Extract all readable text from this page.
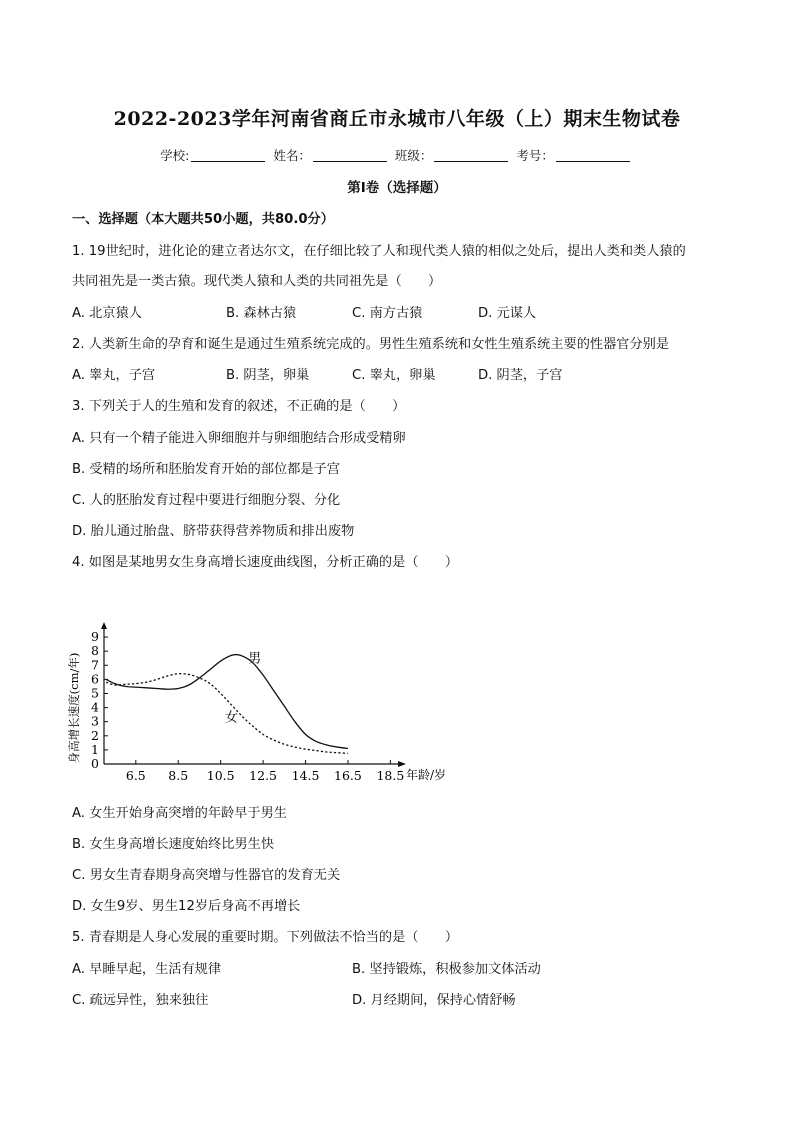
2022-2023学年河南省商丘市永城市八年级（上）期末生物试卷
学校:	姓名：	班级：	考号：
第Ⅰ卷（选择题）
一、选择题（本大题共50小题，共80.0分）
1. 19世纪时，进化论的建立者达尔文，在仔细比较了人和现代类人猿的相似之处后，提出人类和类人猿的
共同祖先是一类古猿。现代类人猿和人类的共同祖先是（　　）
A. 北京猿人	B. 森林古猿	C. 南方古猿	D. 元谋人
2. 人类新生命的孕育和诞生是通过生殖系统完成的。男性生殖系统和女性生殖系统主要的性器官分别是
A. 睾丸，子宫	B. 阴茎，卵巢	C. 睾丸，卵巢	D. 阴茎，子宫
3. 下列关于人的生殖和发育的叙述，不正确的是（　　）
A. 只有一个精子能进入卵细胞并与卵细胞结合形成受精卵
B. 受精的场所和胚胎发育开始的部位都是子宫
C. 人的胚胎发育过程中要进行细胞分裂、分化
D. 胎儿通过胎盘、脐带获得营养物质和排出废物
4. 如图是某地男女生身高增长速度曲线图，分析正确的是（　　）
0
1
2
3
4
5
6
7
8
9
6.5 8.5 10.5 12.5 14.5 16.5 18.5
男
女
身高增长速度(cm/年)
年龄/岁
A. 女生开始身高突增的年龄早于男生
B. 女生身高增长速度始终比男生快
C. 男女生青春期身高突增与性器官的发育无关
D. 女生9岁、男生12岁后身高不再增长
5. 青春期是人身心发展的重要时期。下列做法不恰当的是（　　）
A. 早睡早起，生活有规律	B. 坚持锻炼，积极参加文体活动
C. 疏远异性，独来独往	D. 月经期间，保持心情舒畅
